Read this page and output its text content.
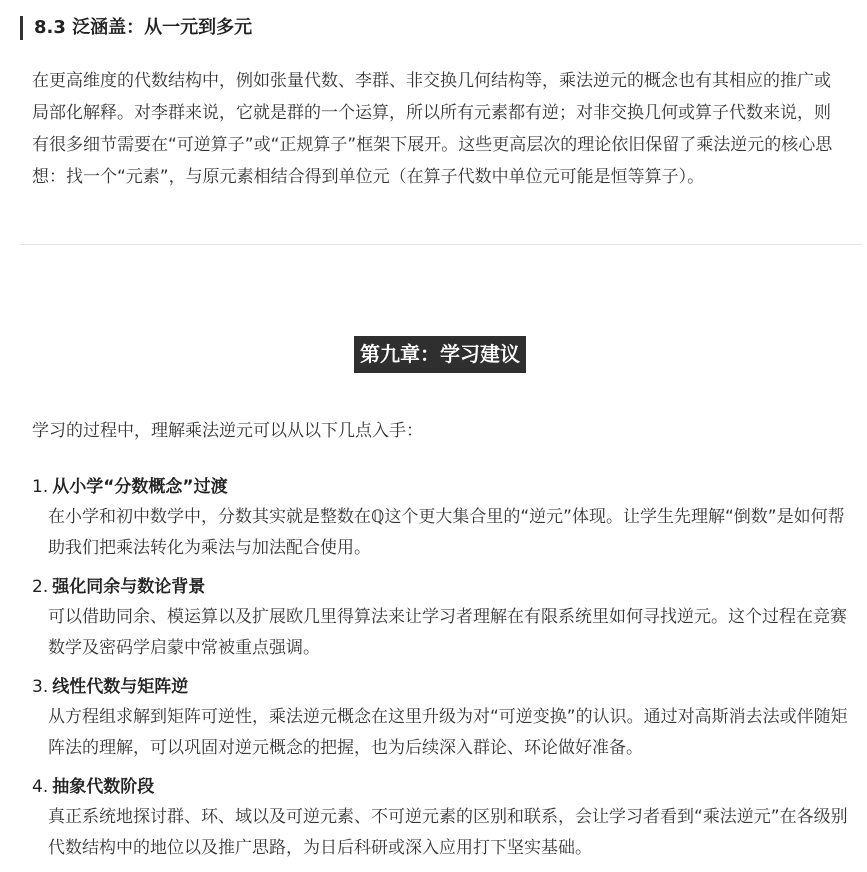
8.3 泛涵盖：从一元到多元

在更高维度的代数结构中，例如张量代数、李群、非交换几何结构等，乘法逆元的概念也有其相应的推广或局部化解释。对李群来说，它就是群的一个运算，所以所有元素都有逆；对非交换几何或算子代数来说，则有很多细节需要在“可逆算子”或“正规算子”框架下展开。这些更高层次的理论依旧保留了乘法逆元的核心思想：找一个“元素”，与原元素相结合得到单位元（在算子代数中单位元可能是恒等算子）。

第九章：学习建议

学习的过程中，理解乘法逆元可以从以下几点入手：

1. 从小学“分数概念”过渡

在小学和初中数学中，分数其实就是整数在ℚ这个更大集合里的“逆元”体现。让学生先理解“倒数”是如何帮助我们把乘法转化为乘法与加法配合使用。

2. 强化同余与数论背景

可以借助同余、模运算以及扩展欧几里得算法来让学习者理解在有限系统里如何寻找逆元。这个过程在竞赛数学及密码学启蒙中常被重点强调。

3. 线性代数与矩阵逆

从方程组求解到矩阵可逆性，乘法逆元概念在这里升级为对“可逆变换”的认识。通过对高斯消去法或伴随矩阵法的理解，可以巩固对逆元概念的把握，也为后续深入群论、环论做好准备。

4. 抽象代数阶段

真正系统地探讨群、环、域以及可逆元素、不可逆元素的区别和联系，会让学习者看到“乘法逆元”在各级别代数结构中的地位以及推广思路，为日后科研或深入应用打下坚实基础。
